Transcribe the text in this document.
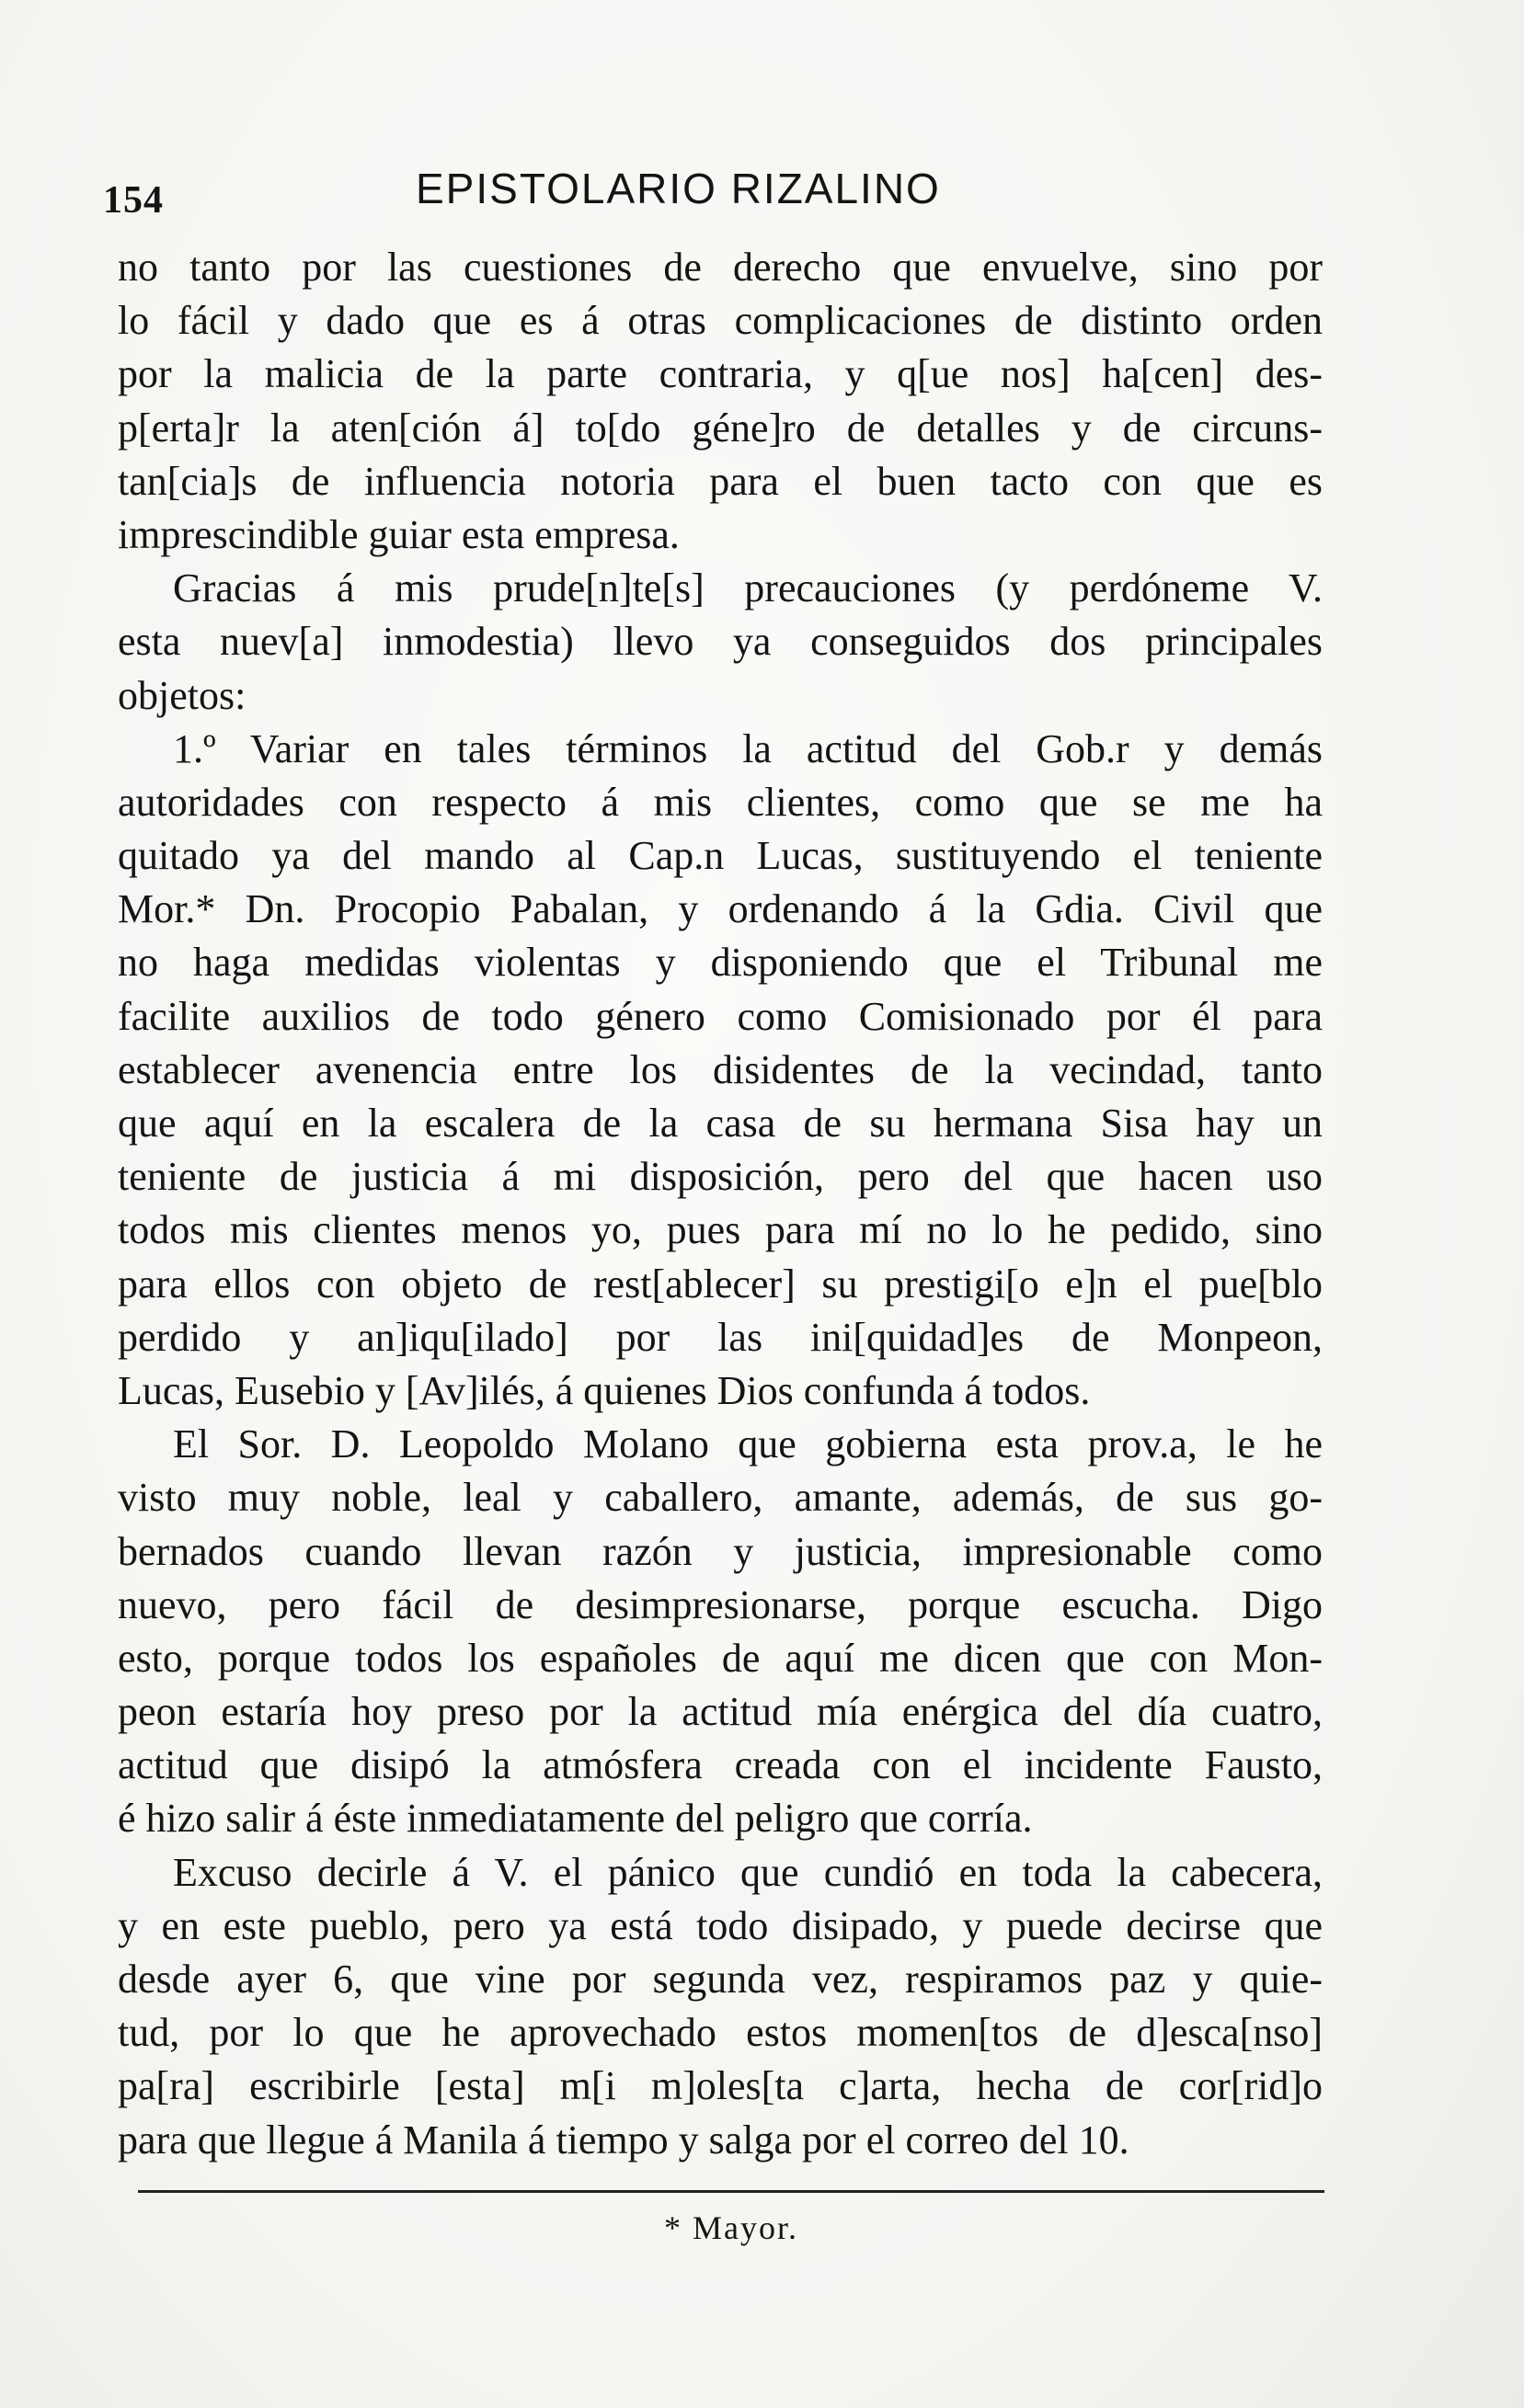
154	EPISTOLARIO RIZALINO
no tanto por las cuestiones de derecho que envuelve, sino por
lo fácil y dado que es á otras complicaciones de distinto orden
por la malicia de la parte contraria, y q[ue nos] ha[cen] des-
p[erta]r la aten[ción á] to[do géne]ro de detalles y de circuns-
tan[cia]s de influencia notoria para el buen tacto con que es
imprescindible guiar esta empresa.
Gracias á mis prude[n]te[s] precauciones (y perdóneme V.
esta nuev[a] inmodestia) llevo ya conseguidos dos principales
objetos:
1.º Variar en tales términos la actitud del Gob.r y demás
autoridades con respecto á mis clientes, como que se me ha
quitado ya del mando al Cap.n Lucas, sustituyendo el teniente
Mor.* Dn. Procopio Pabalan, y ordenando á la Gdia. Civil que
no haga medidas violentas y disponiendo que el Tribunal me
facilite auxilios de todo género como Comisionado por él para
establecer avenencia entre los disidentes de la vecindad, tanto
que aquí en la escalera de la casa de su hermana Sisa hay un
teniente de justicia á mi disposición, pero del que hacen uso
todos mis clientes menos yo, pues para mí no lo he pedido, sino
para ellos con objeto de rest[ablecer] su prestigi[o e]n el pue[blo
perdido y an]iqu[ilado] por las ini[quidad]es de Monpeon,
Lucas, Eusebio y [Av]ilés, á quienes Dios confunda á todos.
El Sor. D. Leopoldo Molano que gobierna esta prov.a, le he
visto muy noble, leal y caballero, amante, además, de sus go-
bernados cuando llevan razón y justicia, impresionable como
nuevo, pero fácil de desimpresionarse, porque escucha. Digo
esto, porque todos los españoles de aquí me dicen que con Mon-
peon estaría hoy preso por la actitud mía enérgica del día cuatro,
actitud que disipó la atmósfera creada con el incidente Fausto,
é hizo salir á éste inmediatamente del peligro que corría.
Excuso decirle á V. el pánico que cundió en toda la cabecera,
y en este pueblo, pero ya está todo disipado, y puede decirse que
desde ayer 6, que vine por segunda vez, respiramos paz y quie-
tud, por lo que he aprovechado estos momen[tos de d]esca[nso]
pa[ra] escribirle [esta] m[i m]oles[ta c]arta, hecha de cor[rid]o
para que llegue á Manila á tiempo y salga por el correo del 10.
* Mayor.
